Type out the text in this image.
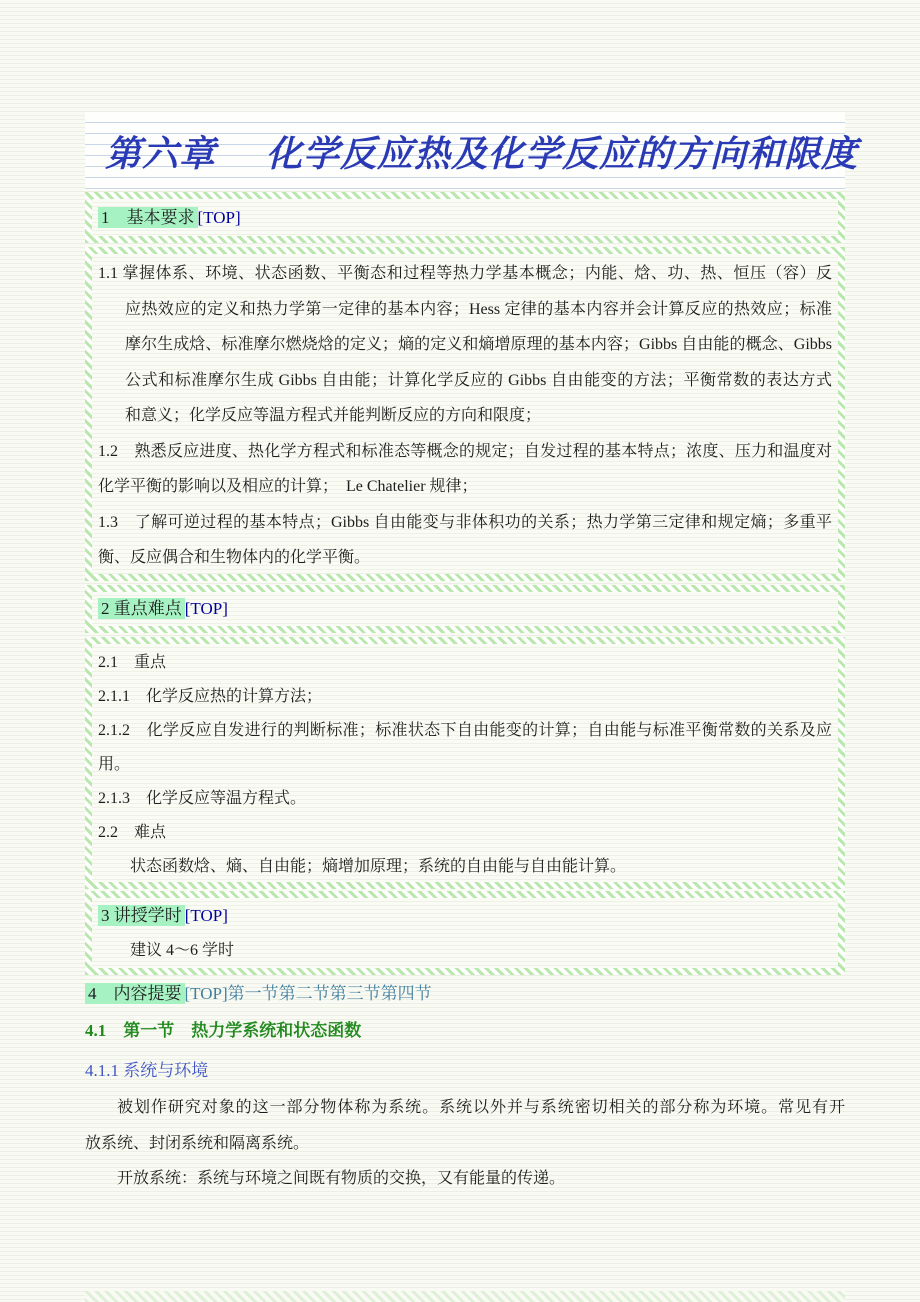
第六章 化学反应热及化学反应的方向和限度
1　基本要求 [TOP]
1.1 掌握体系、环境、状态函数、平衡态和过程等热力学基本概念；内能、焓、功、热、恒压（容）反
应热效应的定义和热力学第一定律的基本内容；Hess 定律的基本内容并会计算反应的热效应；标准
摩尔生成焓、标准摩尔燃烧焓的定义；熵的定义和熵增原理的基本内容；Gibbs 自由能的概念、Gibbs
公式和标准摩尔生成 Gibbs 自由能；计算化学反应的 Gibbs 自由能变的方法；平衡常数的表达方式
和意义；化学反应等温方程式并能判断反应的方向和限度；
1.2　熟悉反应进度、热化学方程式和标准态等概念的规定；自发过程的基本特点；浓度、压力和温度对
化学平衡的影响以及相应的计算；　Le Chatelier 规律；
1.3　了解可逆过程的基本特点；Gibbs 自由能变与非体积功的关系；热力学第三定律和规定熵；多重平
衡、反应偶合和生物体内的化学平衡。
2 重点难点 [TOP]
2.1　重点
2.1.1　化学反应热的计算方法；
2.1.2　化学反应自发进行的判断标准；标准状态下自由能变的计算；自由能与标准平衡常数的关系及应
用。
2.1.3　化学反应等温方程式。
2.2　难点
状态函数焓、熵、自由能；熵增加原理；系统的自由能与自由能计算。
3 讲授学时 [TOP]
建议 4～6 学时
4　内容提要 [TOP]第一节第二节第三节第四节
4.1　第一节　热力学系统和状态函数
4.1.1 系统与环境
被划作研究对象的这一部分物体称为系统。系统以外并与系统密切相关的部分称为环境。常见有开
放系统、封闭系统和隔离系统。
开放系统：系统与环境之间既有物质的交换，又有能量的传递。
